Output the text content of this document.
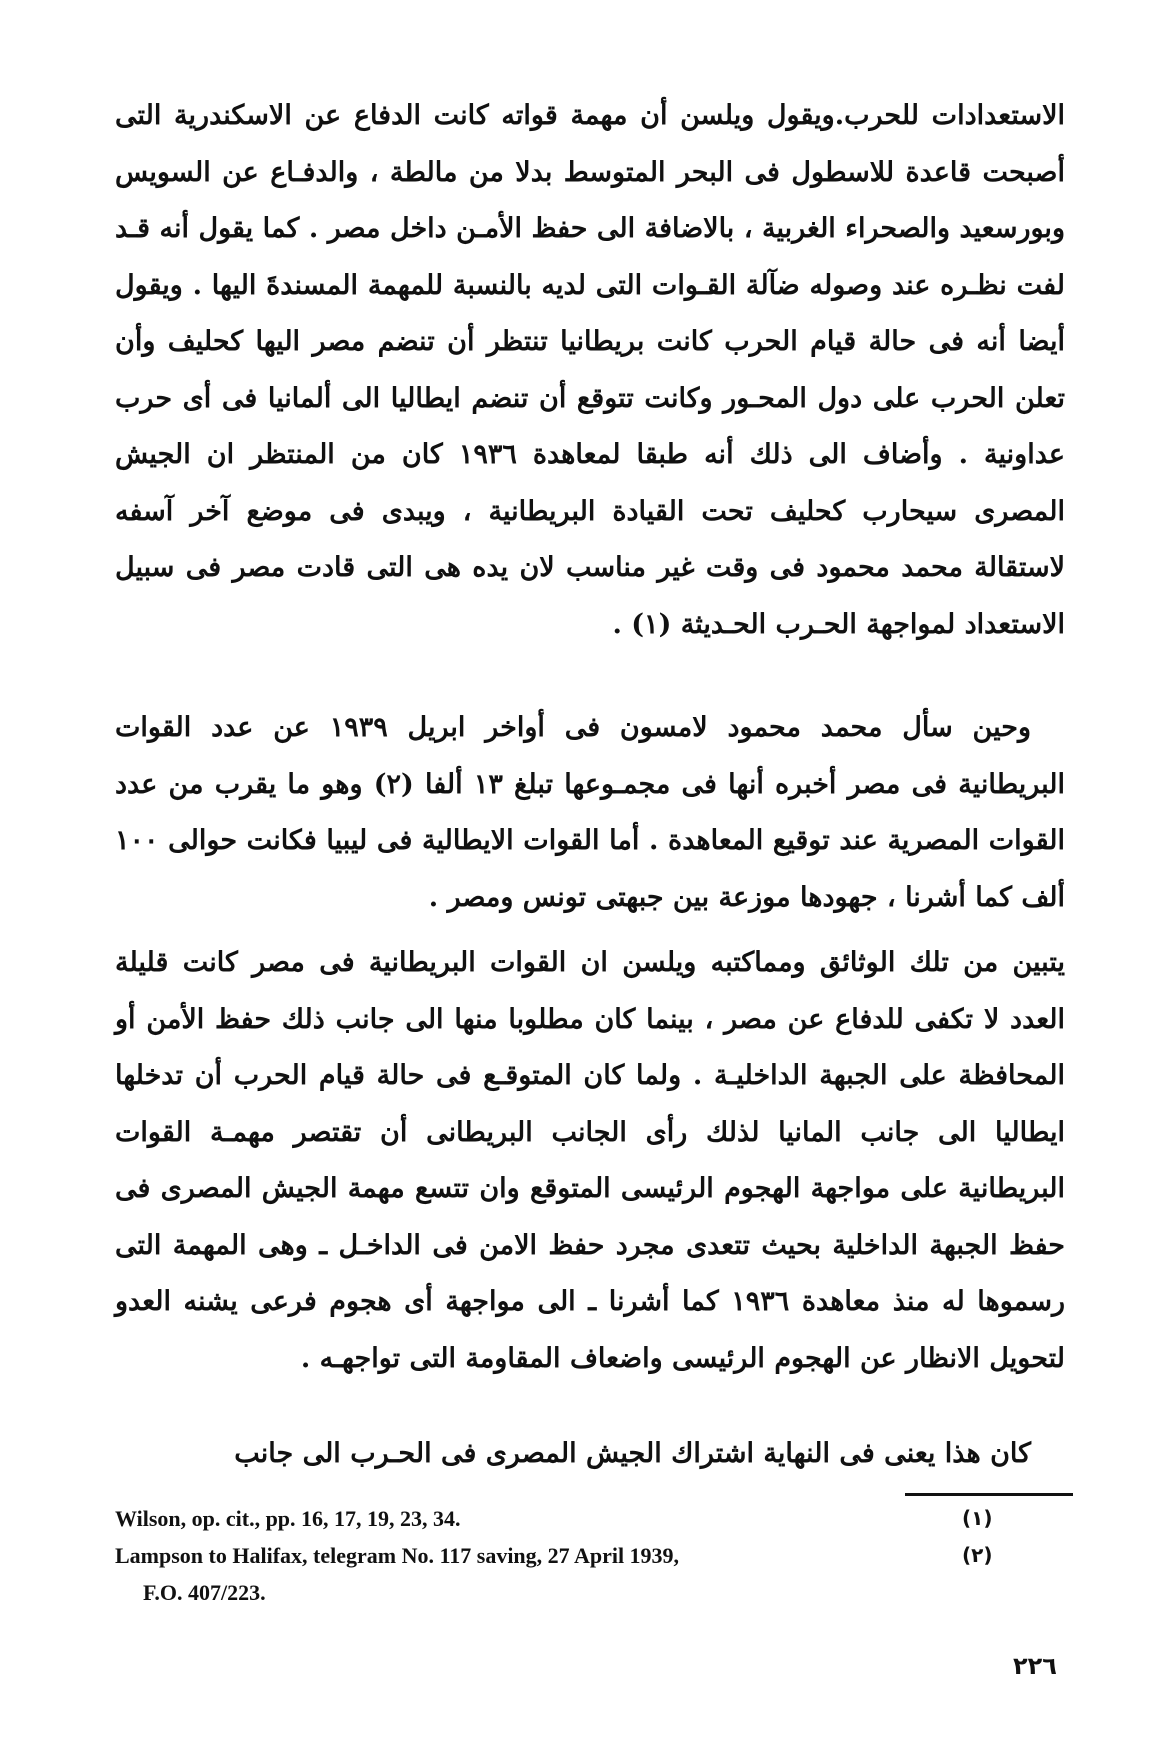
الاستعدادات للحرب.ويقول ويلسن أن مهمة قواته كانت الدفاع عن الاسكندرية التى أصبحت قاعدة للاسطول فى البحر المتوسط بدلا من مالطة ، والدفـاع عن السويس وبورسعيد والصحراء الغربية ، بالاضافة الى حفظ الأمـن داخل مصر . كما يقول أنه قـد لفت نظـره عند وصوله ضآلة القـوات التى لديه بالنسبة للمهمة المسندةَ اليها . ويقول أيضا أنه فى حالة قيام الحرب كانت بريطانيا تنتظر أن تنضم مصر اليها كحليف وأن تعلن الحرب على دول المحـور وكانت تتوقع أن تنضم ايطاليا الى ألمانيا فى أى حرب عداونية . وأضاف الى ذلك أنه طبقا لمعاهدة ١٩٣٦ كان من المنتظر ان الجيش المصرى سيحارب كحليف تحت القيادة البريطانية ، ويبدى فى موضع آخر آسفه لاستقالة محمد محمود فى وقت غير مناسب لان يده هى التى قادت مصر فى سبيل الاستعداد لمواجهة الحـرب الحـديثة (١) .

وحين سأل محمد محمود لامسون فى أواخر ابريل ١٩٣٩ عن عدد القوات البريطانية فى مصر أخبره أنها فى مجمـوعها تبلغ ١٣ ألفا (٢) وهو ما يقرب من عدد القوات المصرية عند توقيع المعاهدة . أما القوات الايطالية فى ليبيا فكانت حوالى ١٠٠ ألف كما أشرنا ، جهودها موزعة بين جبهتى تونس ومصر .

يتبين من تلك الوثائق ومماكتبه ويلسن ان القوات البريطانية فى مصر كانت قليلة العدد لا تكفى للدفاع عن مصر ، بينما كان مطلوبا منها الى جانب ذلك حفظ الأمن أو المحافظة على الجبهة الداخليـة . ولما كان المتوقـع فى حالة قيام الحرب أن تدخلها ايطاليا الى جانب المانيا لذلك رأى الجانب البريطانى أن تقتصر مهمـة القوات البريطانية على مواجهة الهجوم الرئيسى المتوقع وان تتسع مهمة الجيش المصرى فى حفظ الجبهة الداخلية بحيث تتعدى مجرد حفظ الامن فى الداخـل ـ وهى المهمة التى رسموها له منذ معاهدة ١٩٣٦ كما أشرنا ـ الى مواجهة أى هجوم فرعى يشنه العدو لتحويل الانظار عن الهجوم الرئيسى واضعاف المقاومة التى تواجهـه .

كان هذا يعنى فى النهاية اشتراك الجيش المصرى فى الحـرب الى جانب

Wilson, op. cit., pp. 16, 17, 19, 23, 34.	(١)
Lampson to Halifax, telegram No. 117 saving, 27 April 1939,	(٢)
F.O. 407/223.
٢٢٦
